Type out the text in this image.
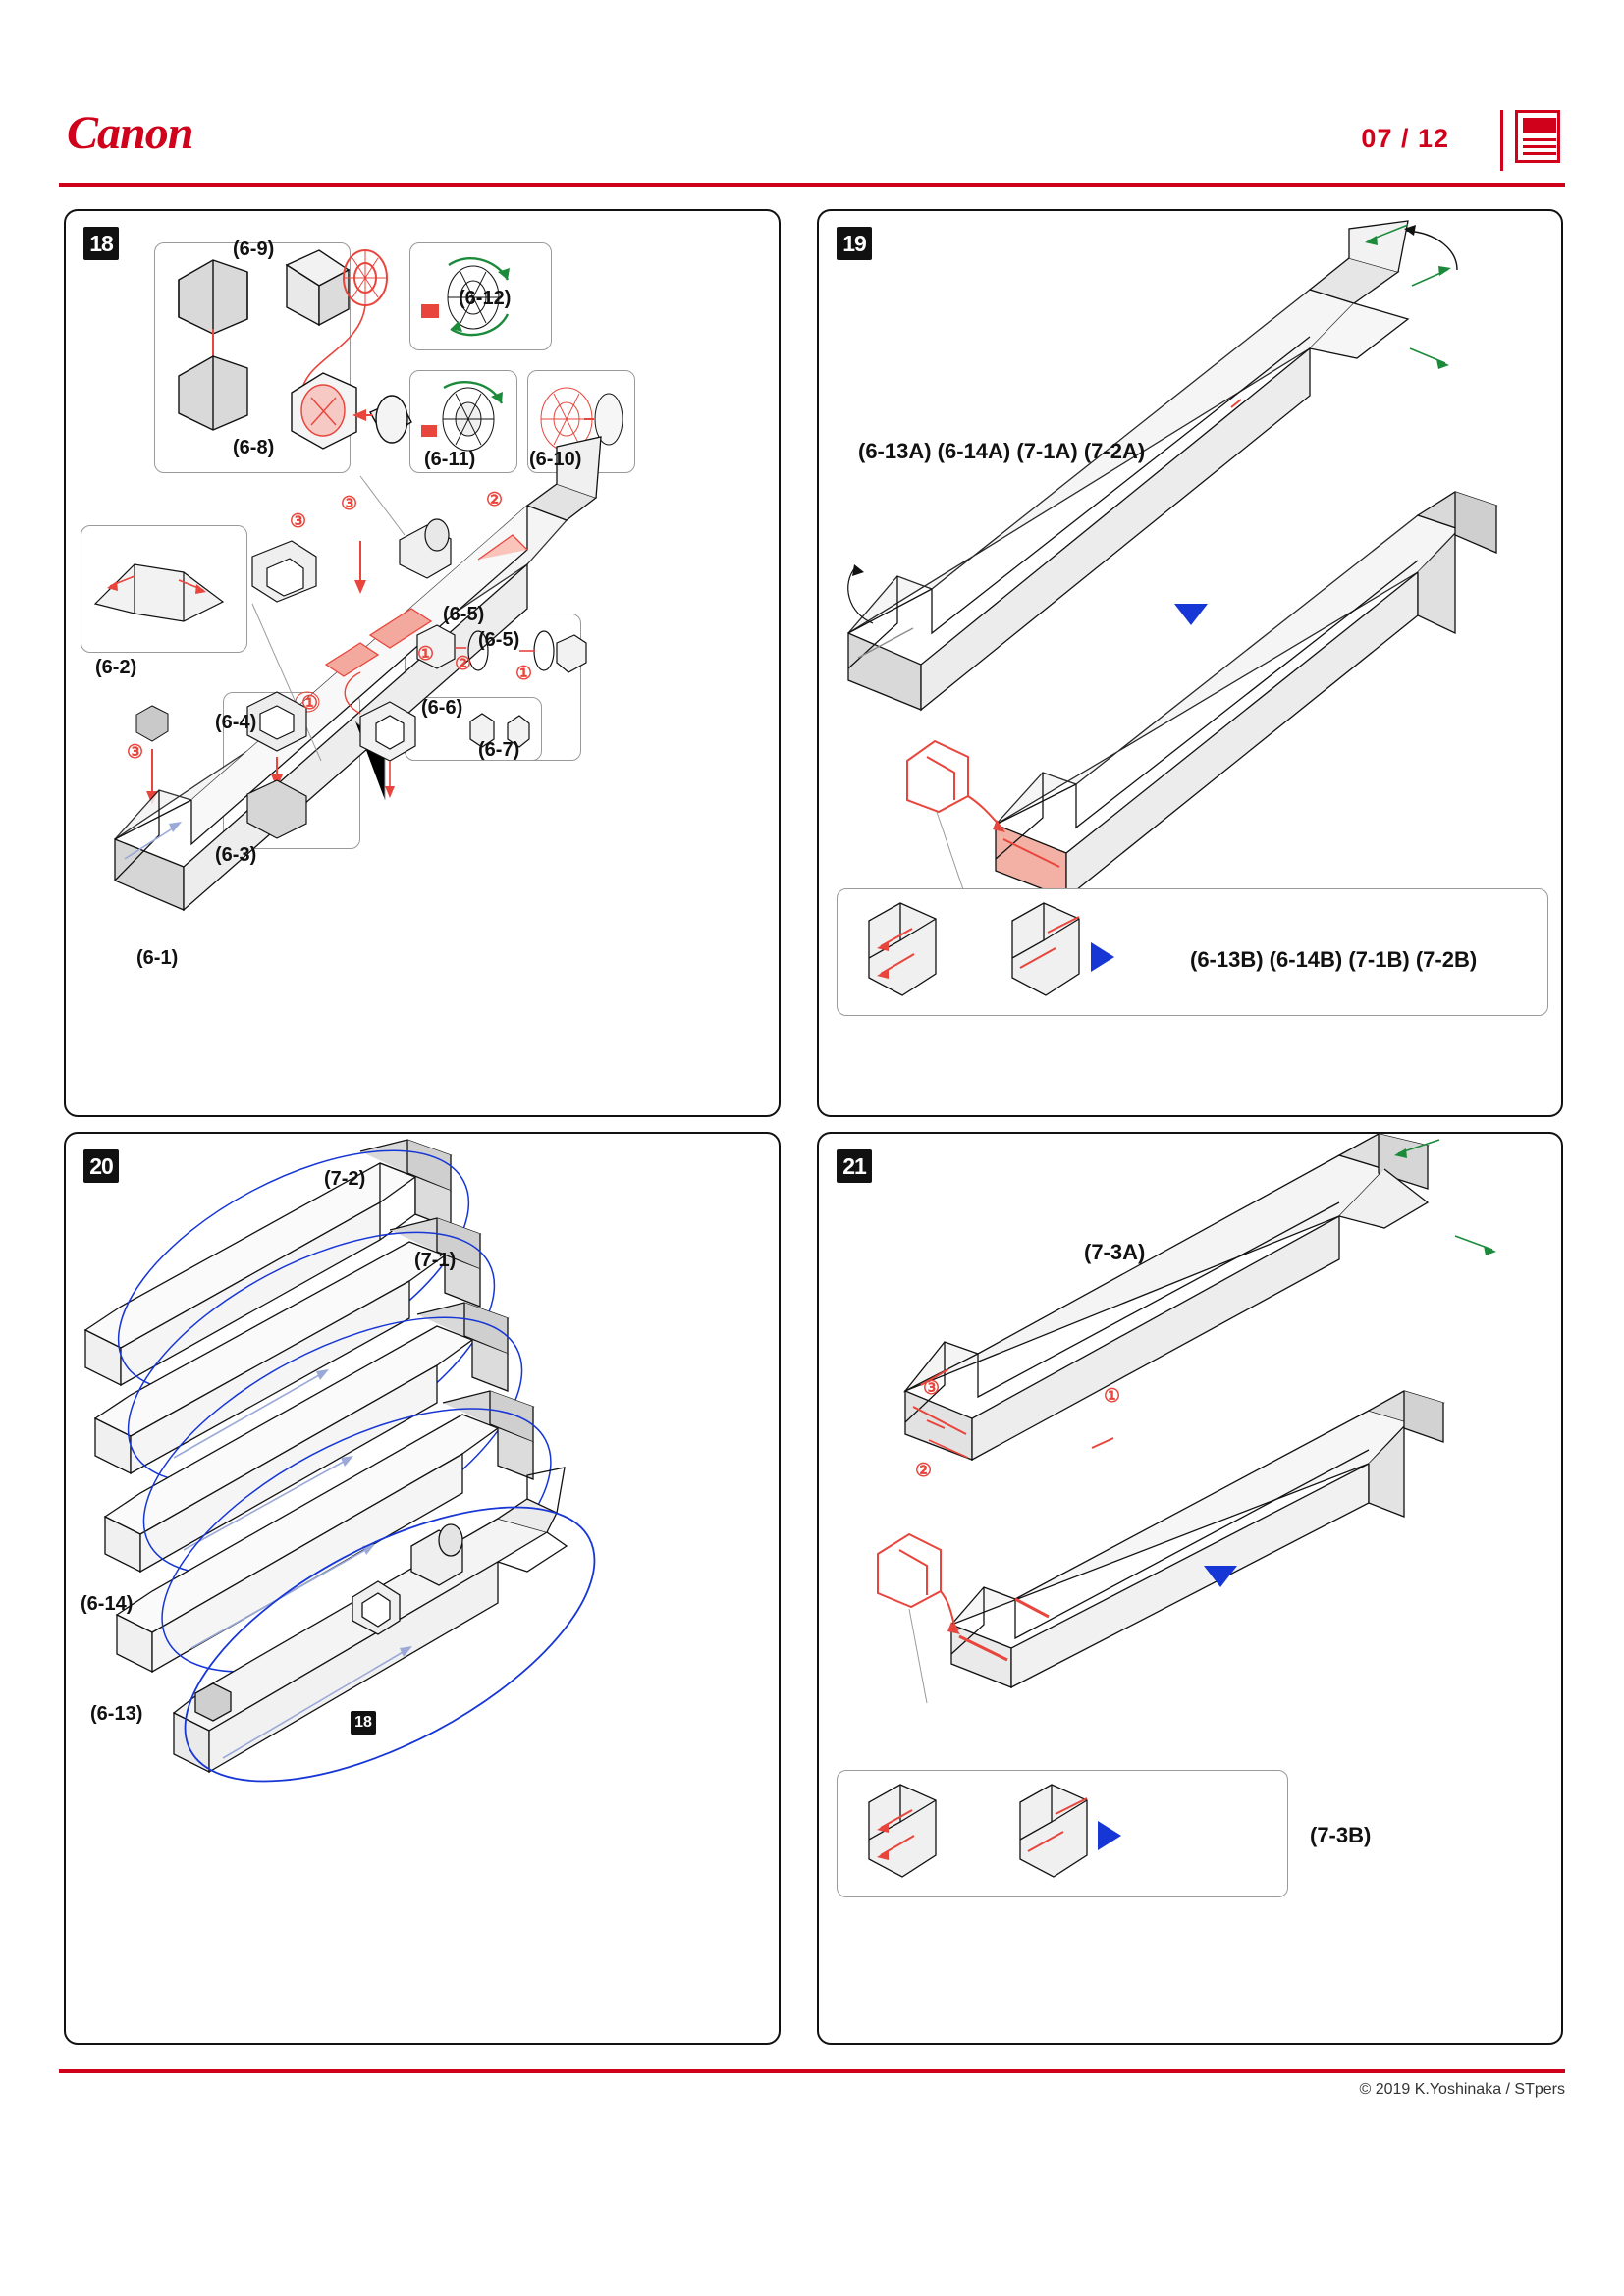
Canon	07 / 12
18	(6-9)
(6-8)
(6-12)
(6-11)	(6-10)
(6-2)
(6-1)
(6-4)
(6-3)
(6-5)
(6-5)
(6-6)
(6-7)
①
②
③
③
③
① ② ①
19
(6-13A) (6-14A) (7-1A) (7-2A)
(6-13B) (6-14B) (7-1B) (7-2B)
20
(7-2)
(7-1)
(6-14)
(6-13)	18
21
(7-3A)
(7-3B)
①
②
③
© 2019 K.Yoshinaka / STpers
